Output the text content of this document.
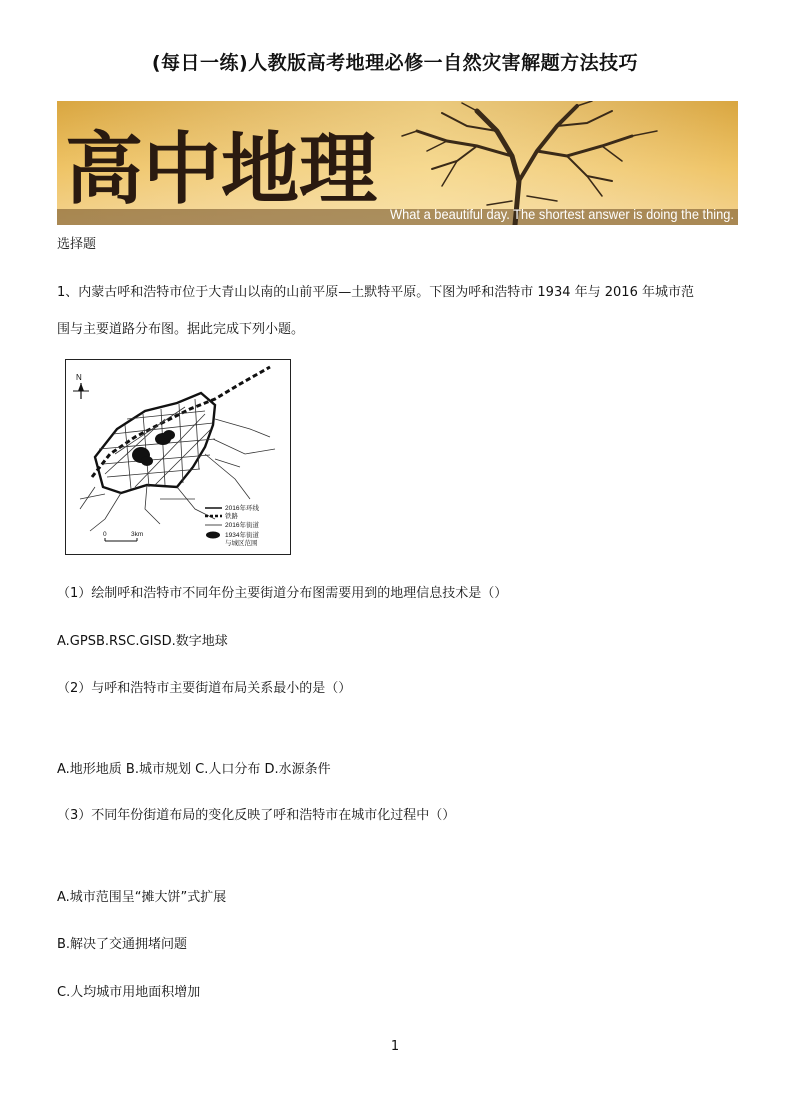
(每日一练)人教版高考地理必修一自然灾害解题方法技巧
高中地理 What a beautiful day. The shortest answer is doing the thing.
选择题
1、内蒙古呼和浩特市位于大青山以南的山前平原—土默特平原。下图为呼和浩特市 1934 年与 2016 年城市范
围与主要道路分布图。据此完成下列小题。
N
2016年环线
铁路
2016年街道
1934年街道
与城区范围
0	3km
（1）绘制呼和浩特市不同年份主要街道分布图需要用到的地理信息技术是（）
A.GPSB.RSC.GISD.数字地球
（2）与呼和浩特市主要街道布局关系最小的是（）
A.地形地质 B.城市规划 C.人口分布 D.水源条件
（3）不同年份街道布局的变化反映了呼和浩特市在城市化过程中（）
A.城市范围呈“摊大饼”式扩展
B.解决了交通拥堵问题
C.人均城市用地面积增加
1
